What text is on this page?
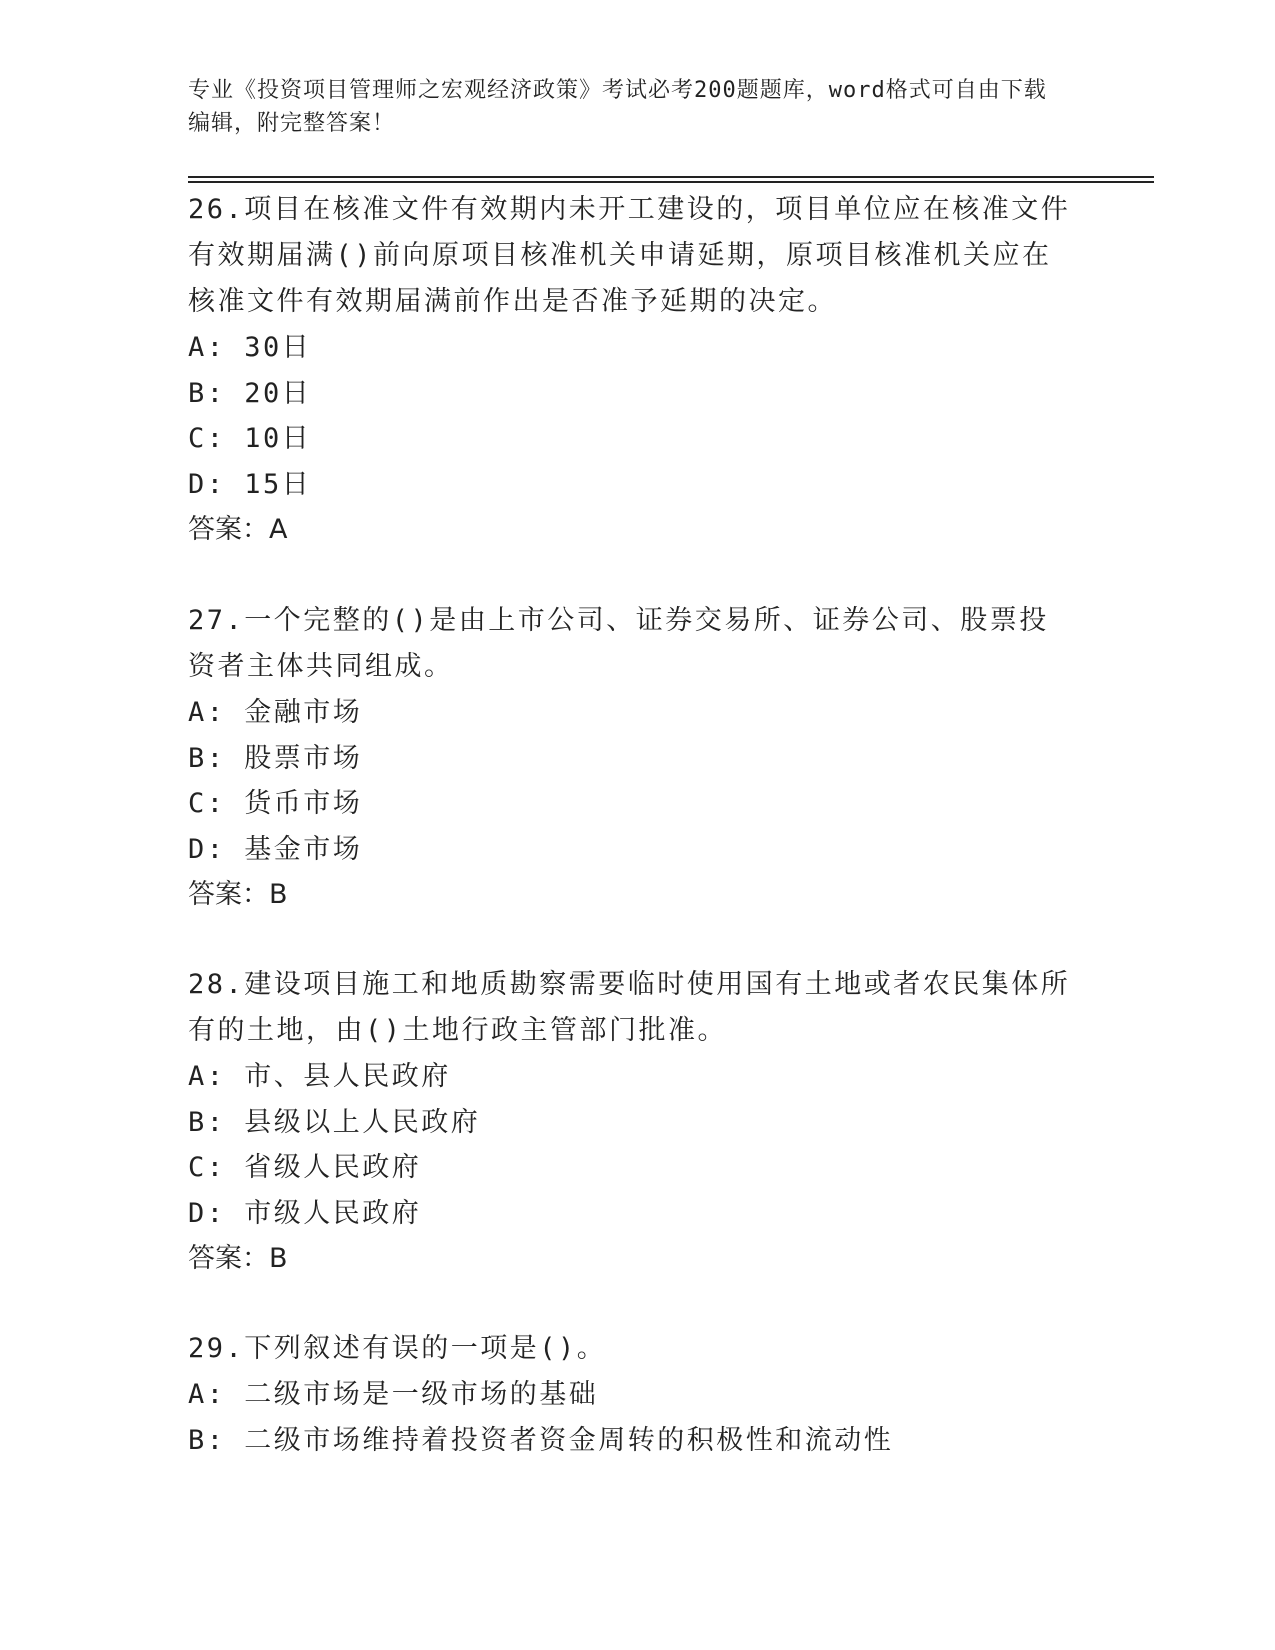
专业《投资项目管理师之宏观经济政策》考试必考200题题库，word格式可自由下载编辑，附完整答案！
26.项目在核准文件有效期内未开工建设的，项目单位应在核准文件有效期届满()前向原项目核准机关申请延期，原项目核准机关应在核准文件有效期届满前作出是否准予延期的决定。
A: 30日
B: 20日
C: 10日
D: 15日
答案：A
27.一个完整的()是由上市公司、证券交易所、证券公司、股票投资者主体共同组成。
A: 金融市场
B: 股票市场
C: 货币市场
D: 基金市场
答案：B
28.建设项目施工和地质勘察需要临时使用国有土地或者农民集体所有的土地，由()土地行政主管部门批准。
A: 市、县人民政府
B: 县级以上人民政府
C: 省级人民政府
D: 市级人民政府
答案：B
29.下列叙述有误的一项是()。
A: 二级市场是一级市场的基础
B: 二级市场维持着投资者资金周转的积极性和流动性
